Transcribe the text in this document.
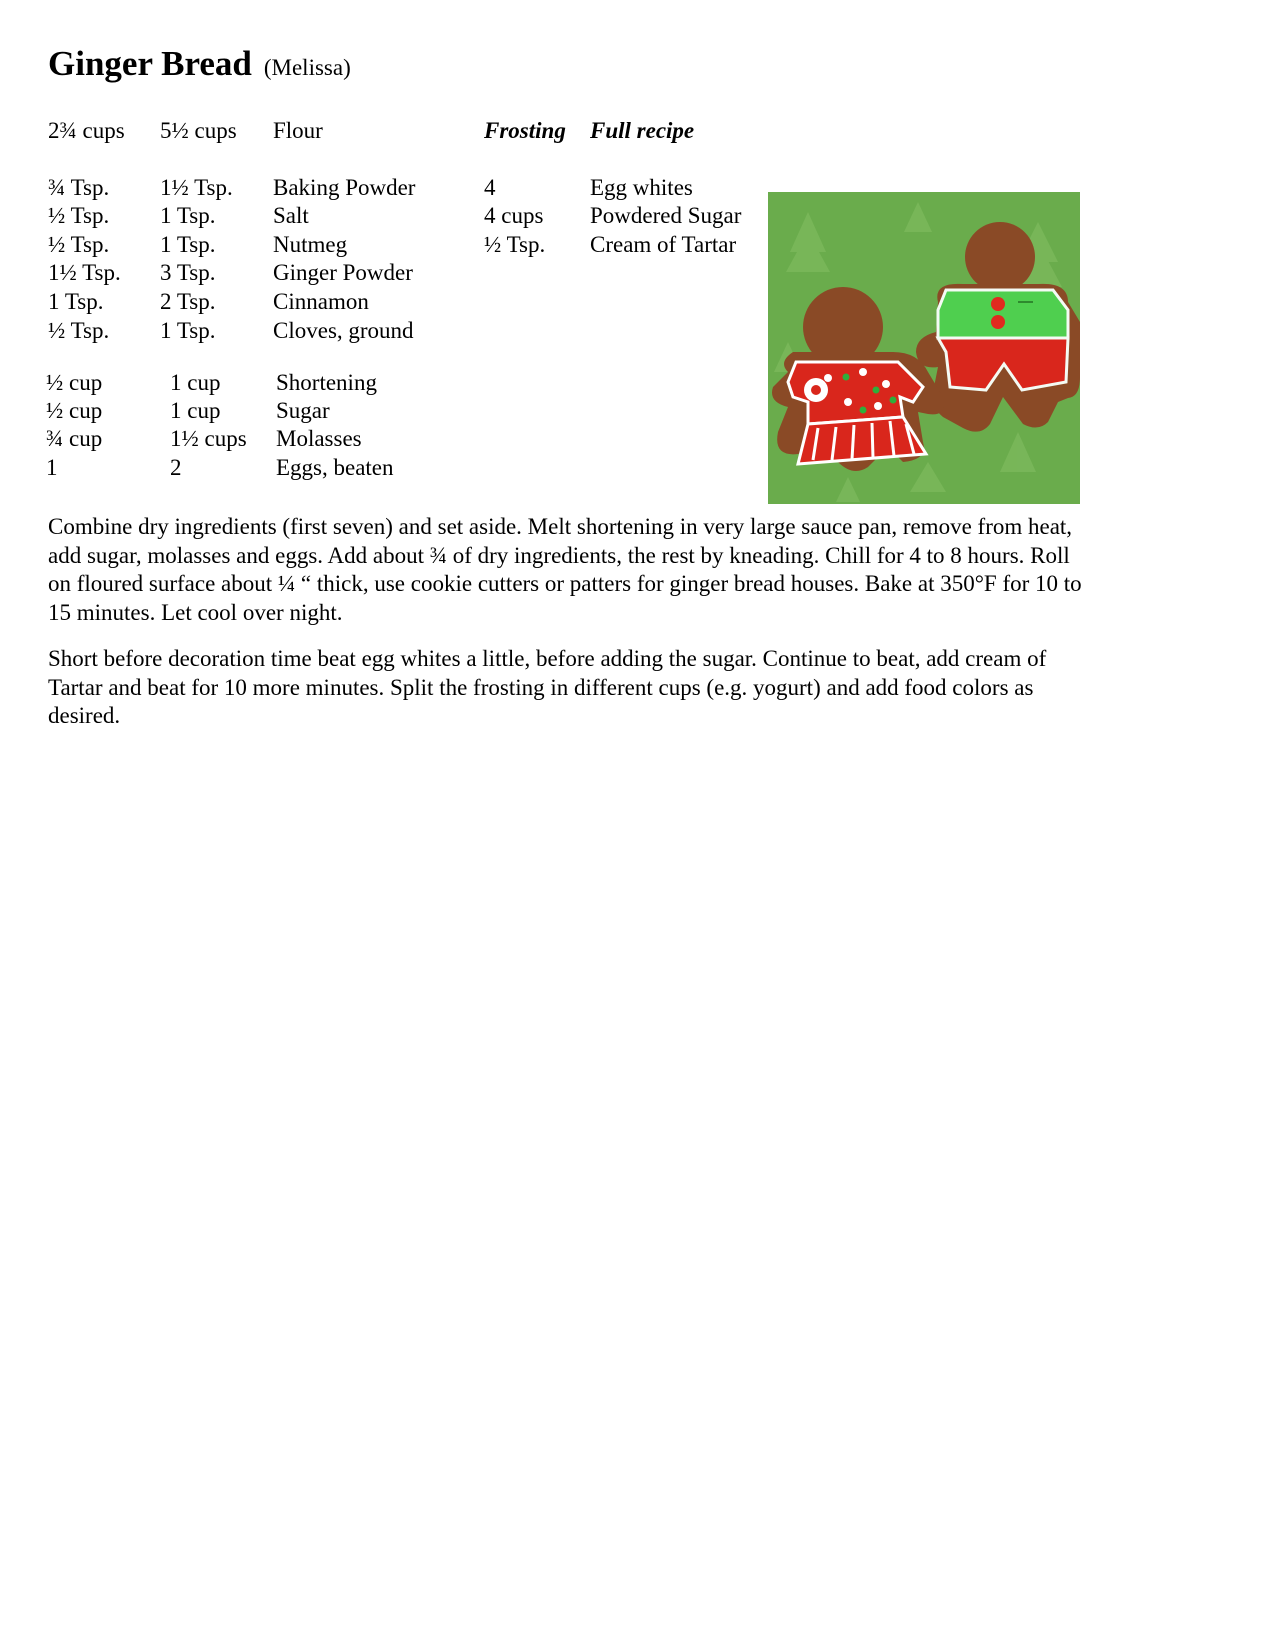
Ginger Bread (Melissa)
2¾ cups 5½ cups Flour
¾ Tsp. 1½ Tsp. Baking Powder
½ Tsp. 1 Tsp.	Salt
½ Tsp. 1 Tsp.	Nutmeg
1½ Tsp. 3 Tsp.	Ginger Powder
1 Tsp. 2 Tsp.	Cinnamon
½ Tsp. 1 Tsp.	Cloves, ground
½ cup	1 cup Shortening
½ cup	1 cup Sugar
¾ cup	1½ cups Molasses
1	2	Eggs, beaten
Frosting Full recipe
4	Egg whites
4 cups Powdered Sugar
½ Tsp. Cream of Tartar

Combine dry ingredients (first seven) and set aside. Melt shortening in very large sauce pan, remove from heat, add sugar, molasses and eggs. Add about ¾ of dry ingredients, the rest by kneading. Chill for 4 to 8 hours. Roll on floured surface about ¼ “ thick, use cookie cutters or patters for ginger bread houses. Bake at 350°F for 10 to 15 minutes. Let cool over night.

Short before decoration time beat egg whites a little, before adding the sugar. Continue to beat, add cream of Tartar and beat for 10 more minutes. Split the frosting in different cups (e.g. yogurt) and add food colors as desired.
